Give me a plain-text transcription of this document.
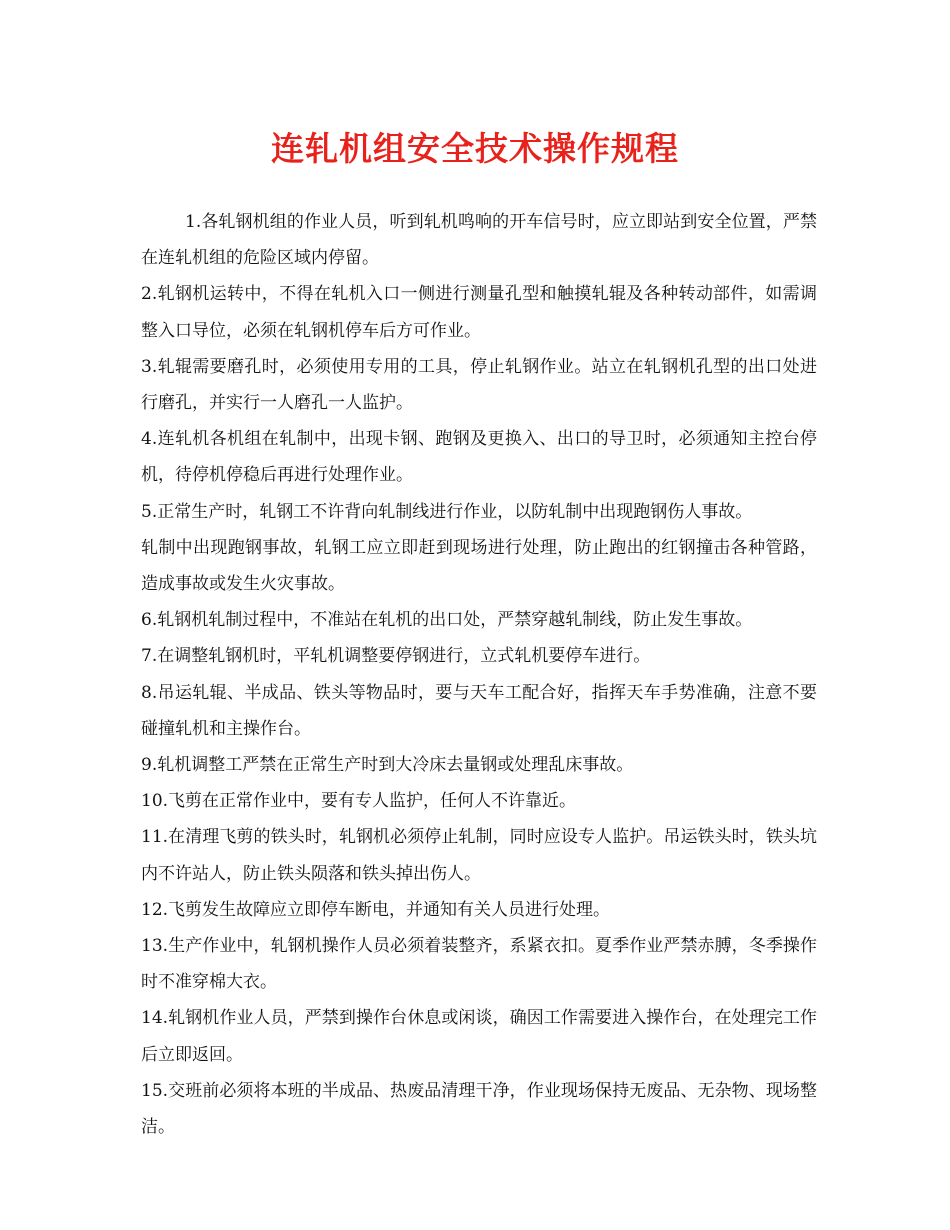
连轧机组安全技术操作规程

1.各轧钢机组的作业人员，听到轧机鸣响的开车信号时，应立即站到安全位置，严禁在连轧机组的危险区域内停留。

2.轧钢机运转中，不得在轧机入口一侧进行测量孔型和触摸轧辊及各种转动部件，如需调整入口导位，必须在轧钢机停车后方可作业。

3.轧辊需要磨孔时，必须使用专用的工具，停止轧钢作业。站立在轧钢机孔型的出口处进行磨孔，并实行一人磨孔一人监护。

4.连轧机各机组在轧制中，出现卡钢、跑钢及更换入、出口的导卫时，必须通知主控台停机，待停机停稳后再进行处理作业。

5.正常生产时，轧钢工不许背向轧制线进行作业，以防轧制中出现跑钢伤人事故。

轧制中出现跑钢事故，轧钢工应立即赶到现场进行处理，防止跑出的红钢撞击各种管路，造成事故或发生火灾事故。

6.轧钢机轧制过程中，不准站在轧机的出口处，严禁穿越轧制线，防止发生事故。

7.在调整轧钢机时，平轧机调整要停钢进行，立式轧机要停车进行。

8.吊运轧辊、半成品、铁头等物品时，要与天车工配合好，指挥天车手势准确，注意不要碰撞轧机和主操作台。

9.轧机调整工严禁在正常生产时到大冷床去量钢或处理乱床事故。

10.飞剪在正常作业中，要有专人监护，任何人不许靠近。

11.在清理飞剪的铁头时，轧钢机必须停止轧制，同时应设专人监护。吊运铁头时，铁头坑内不许站人，防止铁头陨落和铁头掉出伤人。

12.飞剪发生故障应立即停车断电，并通知有关人员进行处理。

13.生产作业中，轧钢机操作人员必须着装整齐，系紧衣扣。夏季作业严禁赤膊，冬季操作时不准穿棉大衣。

14.轧钢机作业人员，严禁到操作台休息或闲谈，确因工作需要进入操作台，在处理完工作后立即返回。

15.交班前必须将本班的半成品、热废品清理干净，作业现场保持无废品、无杂物、现场整洁。
